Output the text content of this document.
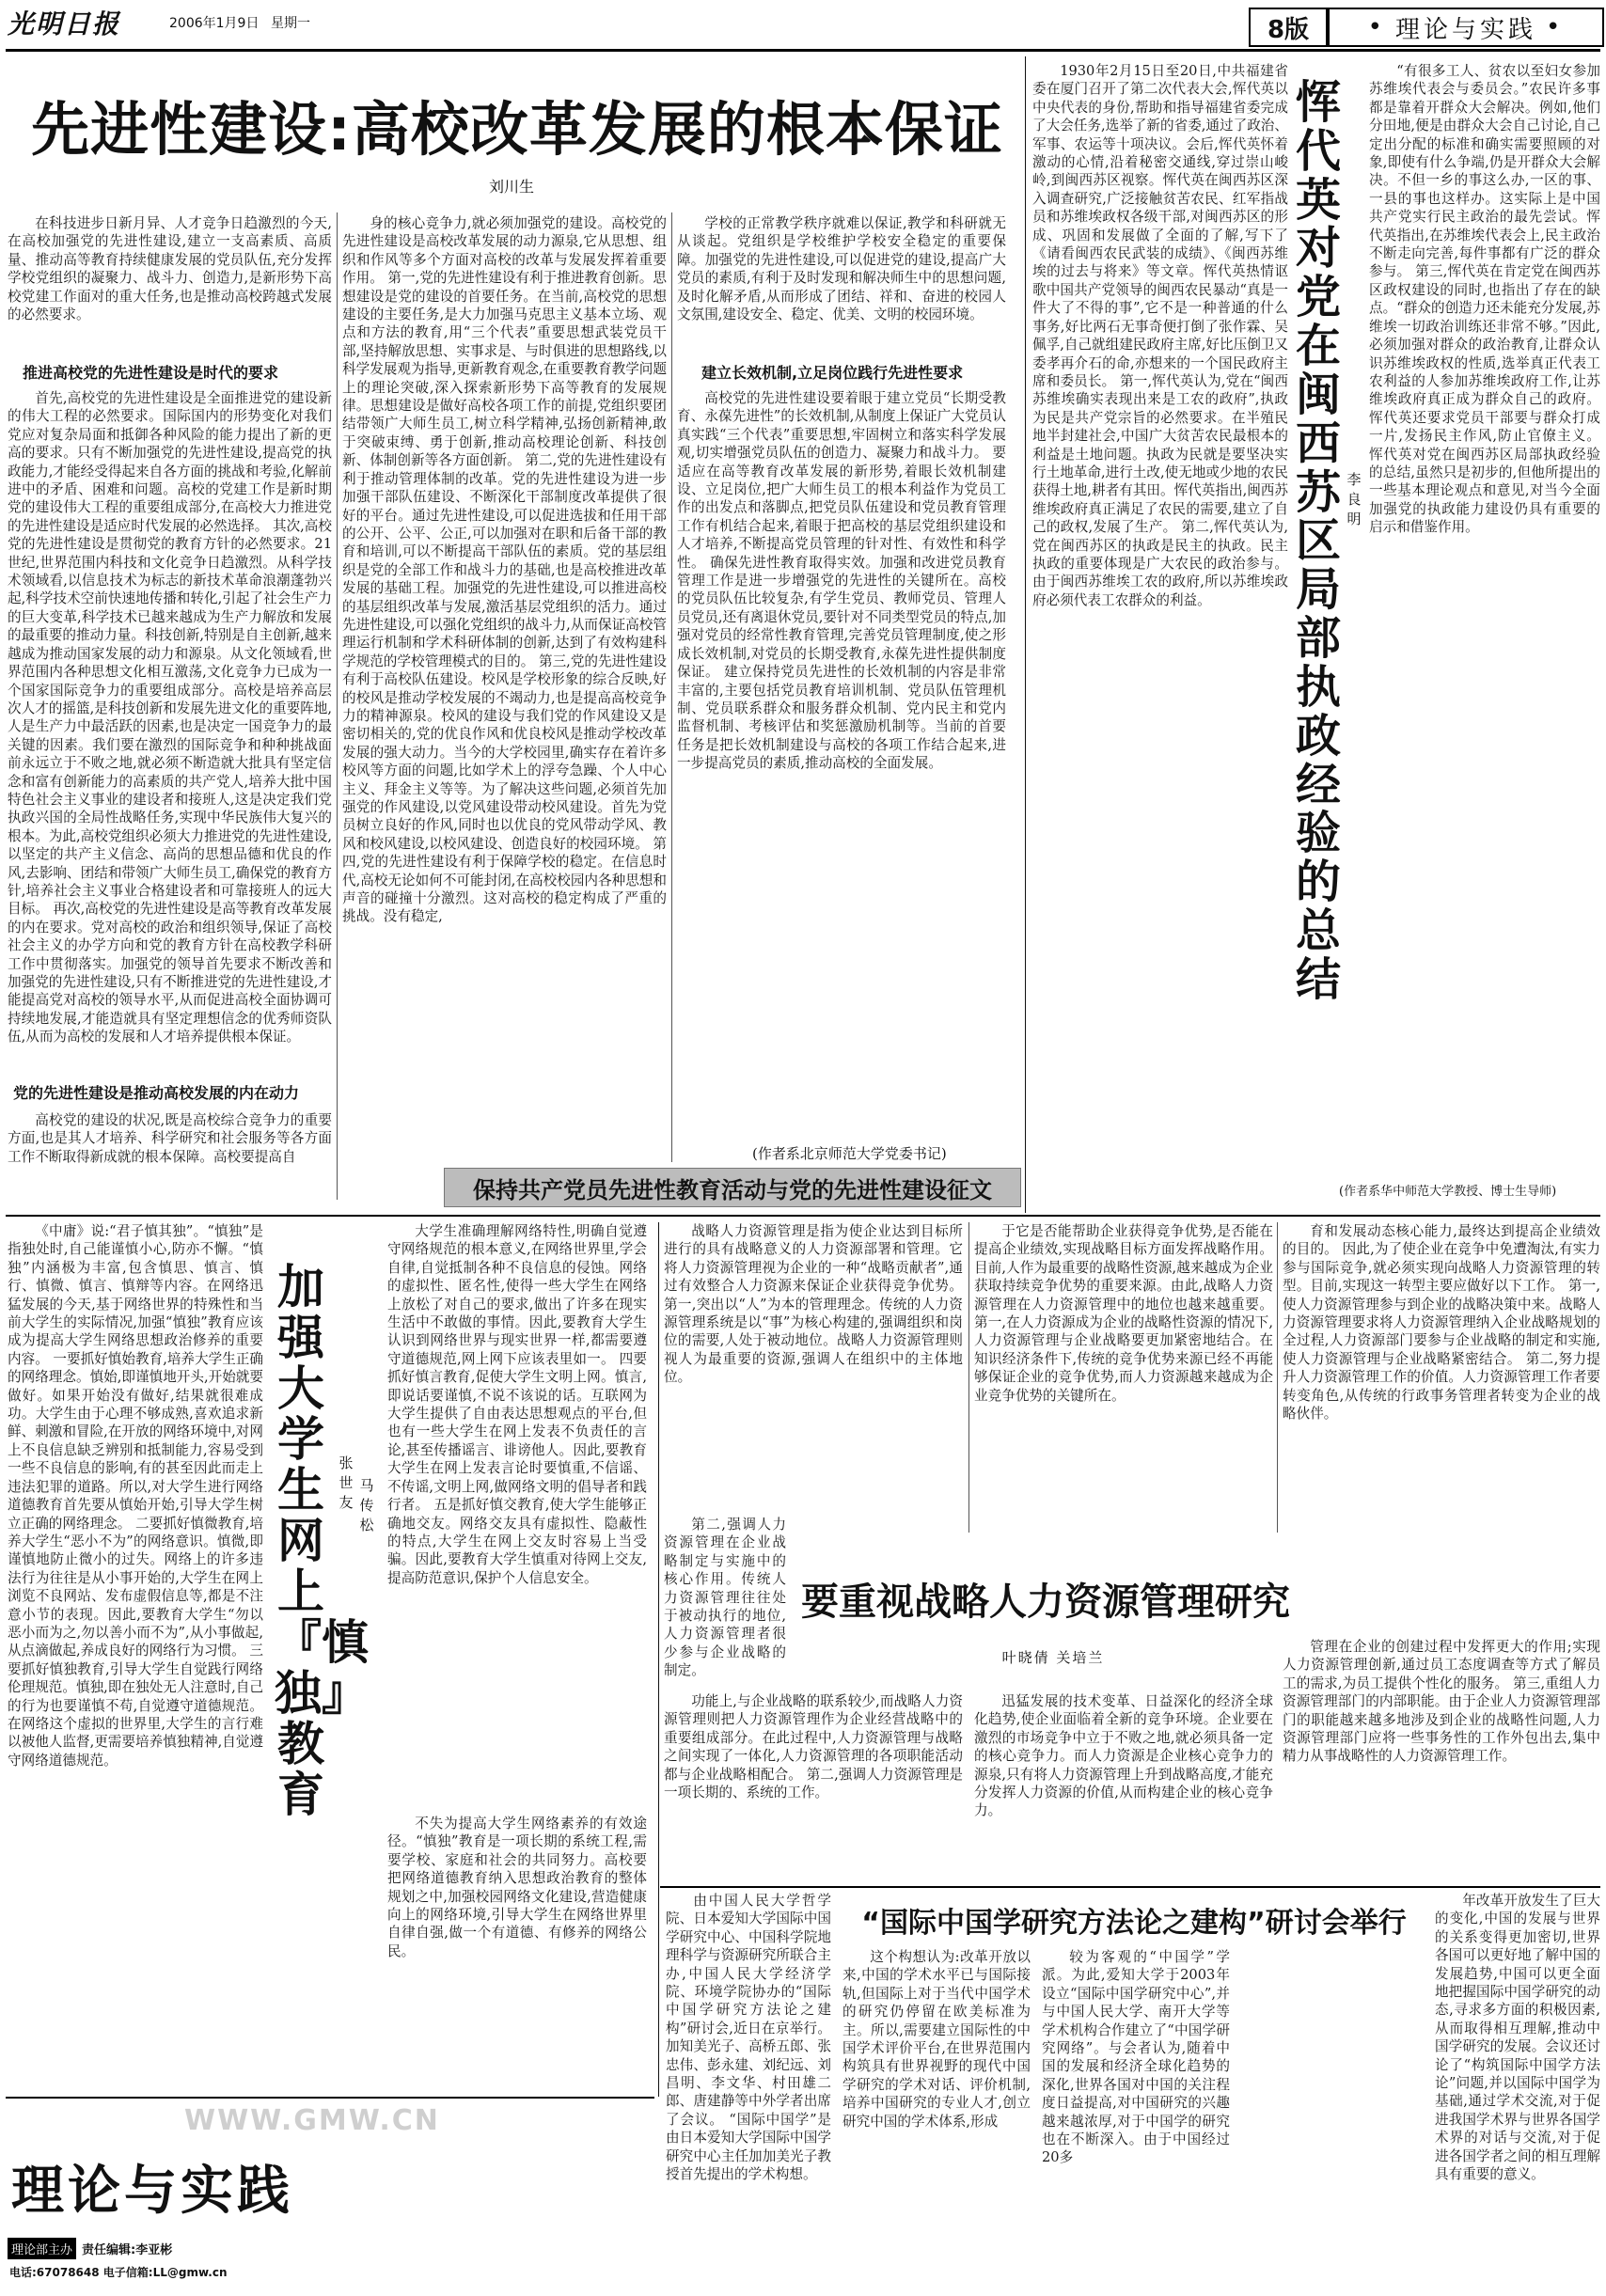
光明日报	2006年1月9日 星期一	8版 • 理论与实践 •
先进性建设:高校改革发展的根本保证
刘川生

在科技进步日新月异、人才竞争日趋激烈的今天,在高校加强党的先进性建设,建立一支高素质、高质量、推动高等教育持续健康发展的党员队伍,充分发挥学校党组织的凝聚力、战斗力、创造力,是新形势下高校党建工作面对的重大任务,也是推动高校跨越式发展的必然要求。

推进高校党的先进性建设是时代的要求

首先,高校党的先进性建设是全面推进党的建设新的伟大工程的必然要求。国际国内的形势变化对我们党应对复杂局面和抵御各种风险的能力提出了新的更高的要求。只有不断加强党的先进性建设,提高党的执政能力,才能经受得起来自各方面的挑战和考验,化解前进中的矛盾、困难和问题。高校的党建工作是新时期党的建设伟大工程的重要组成部分,在高校大力推进党的先进性建设是适应时代发展的必然选择。 其次,高校党的先进性建设是贯彻党的教育方针的必然要求。21世纪,世界范围内科技和文化竞争日趋激烈。从科学技术领域看,以信息技术为标志的新技术革命浪潮蓬勃兴起,科学技术空前快速地传播和转化,引起了社会生产力的巨大变革,科学技术已越来越成为生产力解放和发展的最重要的推动力量。科技创新,特别是自主创新,越来越成为推动国家发展的动力和源泉。从文化领域看,世界范围内各种思想文化相互激荡,文化竞争力已成为一个国家国际竞争力的重要组成部分。高校是培养高层次人才的摇篮,是科技创新和发展先进文化的重要阵地,人是生产力中最活跃的因素,也是决定一国竞争力的最关键的因素。我们要在激烈的国际竞争和种种挑战面前永远立于不败之地,就必须不断造就大批具有坚定信念和富有创新能力的高素质的共产党人,培养大批中国特色社会主义事业的建设者和接班人,这是决定我们党执政兴国的全局性战略任务,实现中华民族伟大复兴的根本。为此,高校党组织必须大力推进党的先进性建设,以坚定的共产主义信念、高尚的思想品德和优良的作风,去影响、团结和带领广大师生员工,确保党的教育方针,培养社会主义事业合格建设者和可靠接班人的远大目标。 再次,高校党的先进性建设是高等教育改革发展的内在要求。党对高校的政治和组织领导,保证了高校社会主义的办学方向和党的教育方针在高校教学科研工作中贯彻落实。加强党的领导首先要求不断改善和加强党的先进性建设,只有不断推进党的先进性建设,才能提高党对高校的领导水平,从而促进高校全面协调可持续地发展,才能造就具有坚定理想信念的优秀师资队伍,从而为高校的发展和人才培养提供根本保证。

党的先进性建设是推动高校发展的内在动力

高校党的建设的状况,既是高校综合竞争力的重要方面,也是其人才培养、科学研究和社会服务等各方面工作不断取得新成就的根本保障。高校要提高自

身的核心竞争力,就必须加强党的建设。高校党的先进性建设是高校改革发展的动力源泉,它从思想、组织和作风等多个方面对高校的改革与发展发挥着重要作用。 第一,党的先进性建设有利于推进教育创新。思想建设是党的建设的首要任务。在当前,高校党的思想建设的主要任务,是大力加强马克思主义基本立场、观点和方法的教育,用“三个代表”重要思想武装党员干部,坚持解放思想、实事求是、与时俱进的思想路线,以科学发展观为指导,更新教育观念,在重要教育教学问题上的理论突破,深入探索新形势下高等教育的发展规律。思想建设是做好高校各项工作的前提,党组织要团结带领广大师生员工,树立科学精神,弘扬创新精神,敢于突破束缚、勇于创新,推动高校理论创新、科技创新、体制创新等各方面创新。 第二,党的先进性建设有利于推动管理体制的改革。党的先进性建设为进一步加强干部队伍建设、不断深化干部制度改革提供了很好的平台。通过先进性建设,可以促进选拔和任用干部的公开、公平、公正,可以加强对在职和后备干部的教育和培训,可以不断提高干部队伍的素质。党的基层组织是党的全部工作和战斗力的基础,也是高校推进改革发展的基础工程。加强党的先进性建设,可以推进高校的基层组织改革与发展,激活基层党组织的活力。通过先进性建设,可以强化党组织的战斗力,从而保证高校管理运行机制和学术科研体制的创新,达到了有效构建科学规范的学校管理模式的目的。 第三,党的先进性建设有利于高校队伍建设。校风是学校形象的综合反映,好的校风是推动学校发展的不竭动力,也是提高高校竞争力的精神源泉。校风的建设与我们党的作风建设又是密切相关的,党的优良作风和优良校风是推动学校改革发展的强大动力。当今的大学校园里,确实存在着许多校风等方面的问题,比如学术上的浮夸急躁、个人中心主义、拜金主义等等。为了解决这些问题,必须首先加强党的作风建设,以党风建设带动校风建设。首先为党员树立良好的作风,同时也以优良的党风带动学风、教风和校风建设,以校风建设、创造良好的校园环境。 第四,党的先进性建设有利于保障学校的稳定。在信息时代,高校无论如何不可能封闭,在高校校园内各种思想和声音的碰撞十分激烈。这对高校的稳定构成了严重的挑战。没有稳定,

学校的正常教学秩序就难以保证,教学和科研就无从谈起。党组织是学校维护学校安全稳定的重要保障。加强党的先进性建设,可以促进党的建设,提高广大党员的素质,有利于及时发现和解决师生中的思想问题,及时化解矛盾,从而形成了团结、祥和、奋进的校园人文氛围,建设安全、稳定、优美、文明的校园环境。

建立长效机制,立足岗位践行先进性要求

高校党的先进性建设要着眼于建立党员“长期受教育、永葆先进性”的长效机制,从制度上保证广大党员认真实践“三个代表”重要思想,牢固树立和落实科学发展观,切实增强党员队伍的创造力、凝聚力和战斗力。 要适应在高等教育改革发展的新形势,着眼长效机制建设、立足岗位,把广大师生员工的根本利益作为党员工作的出发点和落脚点,把党员队伍建设和党员教育管理工作有机结合起来,着眼于把高校的基层党组织建设和人才培养,不断提高党员管理的针对性、有效性和科学性。 确保先进性教育取得实效。加强和改进党员教育管理工作是进一步增强党的先进性的关键所在。高校的党员队伍比较复杂,有学生党员、教师党员、管理人员党员,还有离退休党员,要针对不同类型党员的特点,加强对党员的经常性教育管理,完善党员管理制度,使之形成长效机制,对党员的长期受教育,永葆先进性提供制度保证。 建立保持党员先进性的长效机制的内容是非常丰富的,主要包括党员教育培训机制、党员队伍管理机制、党员联系群众和服务群众机制、党内民主和党内监督机制、考核评估和奖惩激励机制等。当前的首要任务是把长效机制建设与高校的各项工作结合起来,进一步提高党员的素质,推动高校的全面发展。

(作者系北京师范大学党委书记)
保持共产党员先进性教育活动与党的先进性建设征文

1930年2月15日至20日,中共福建省委在厦门召开了第二次代表大会,恽代英以中央代表的身份,帮助和指导福建省委完成了大会任务,选举了新的省委,通过了政治、军事、农运等十项决议。会后,恽代英怀着激动的心情,沿着秘密交通线,穿过崇山峻岭,到闽西苏区视察。恽代英在闽西苏区深入调查研究,广泛接触贫苦农民、红军指战员和苏维埃政权各级干部,对闽西苏区的形成、巩固和发展做了全面的了解,写下了《请看闽西农民武装的成绩》、《闽西苏维埃的过去与将来》等文章。恽代英热情讴歌中国共产党领导的闽西农民暴动“真是一件大了不得的事”,它不是一种普通的什么事务,好比两石无事奇便打倒了张作霖、吴佩孚,自己就组建民政府主席,好比压倒卫又委孝再介石的命,亦想来的一个国民政府主席和委员长。 第一,恽代英认为,党在“闽西苏维埃确实表现出来是工农的政府”,执政为民是共产党宗旨的必然要求。在半殖民地半封建社会,中国广大贫苦农民最根本的利益是土地问题。执政为民就是要坚决实行土地革命,进行土改,使无地或少地的农民获得土地,耕者有其田。恽代英指出,闽西苏维埃政府真正满足了农民的需要,建立了自己的政权,发展了生产。 第二,恽代英认为,党在闽西苏区的执政是民主的执政。民主执政的重要体现是广大农民的政治参与。由于闽西苏维埃工农的政府,所以苏维埃政府必须代表工农群众的利益。

恽代英对党在闽西苏区局部执政经验的总结
李良明

“有很多工人、贫农以至妇女参加苏维埃代表会与委员会。”农民许多事都是靠着开群众大会解决。例如,他们分田地,便是由群众大会自己讨论,自己定出分配的标准和确实需要照顾的对象,即使有什么争端,仍是开群众大会解决。不但一乡的事这么办,一区的事、一县的事也这样办。这实际上是中国共产党实行民主政治的最先尝试。恽代英指出,在苏维埃代表会上,民主政治不断走向完善,每件事都有广泛的群众参与。 第三,恽代英在肯定党在闽西苏区政权建设的同时,也指出了存在的缺点。“群众的创造力还未能充分发展,苏维埃一切政治训练还非常不够。”因此,必须加强对群众的政治教育,让群众认识苏维埃政权的性质,选举真正代表工农利益的人参加苏维埃政府工作,让苏维埃政府真正成为群众自己的政府。恽代英还要求党员干部要与群众打成一片,发扬民主作风,防止官僚主义。 恽代英对党在闽西苏区局部执政经验的总结,虽然只是初步的,但他所提出的一些基本理论观点和意见,对当今全面加强党的执政能力建设仍具有重要的启示和借鉴作用。

(作者系华中师范大学教授、博士生导师)

《中庸》说:“君子慎其独”。“慎独”是指独处时,自己能谨慎小心,防亦不懈。“慎独”内涵极为丰富,包含慎思、慎言、慎行、慎微、慎言、慎辩等内容。在网络迅猛发展的今天,基于网络世界的特殊性和当前大学生的实际情况,加强“慎独”教育应该成为提高大学生网络思想政治修养的重要内容。 一要抓好慎始教育,培养大学生正确的网络理念。慎始,即谨慎地开头,开始就要做好。如果开始没有做好,结果就很难成功。大学生由于心理不够成熟,喜欢追求新鲜、刺激和冒险,在开放的网络环境中,对网上不良信息缺乏辨别和抵制能力,容易受到一些不良信息的影响,有的甚至因此而走上违法犯罪的道路。所以,对大学生进行网络道德教育首先要从慎始开始,引导大学生树立正确的网络理念。 二要抓好慎微教育,培养大学生“恶小不为”的网络意识。慎微,即谨慎地防止微小的过失。网络上的许多违法行为往往是从小事开始的,大学生在网上浏览不良网站、发布虚假信息等,都是不注意小节的表现。因此,要教育大学生“勿以恶小而为之,勿以善小而不为”,从小事做起,从点滴做起,养成良好的网络行为习惯。 三要抓好慎独教育,引导大学生自觉践行网络伦理规范。慎独,即在独处无人注意时,自己的行为也要谨慎不苟,自觉遵守道德规范。在网络这个虚拟的世界里,大学生的言行难以被他人监督,更需要培养慎独精神,自觉遵守网络道德规范。

加强大学生网上『慎独』教育
张世友
马传松

大学生准确理解网络特性,明确自觉遵守网络规范的根本意义,在网络世界里,学会自律,自觉抵制各种不良信息的侵蚀。网络的虚拟性、匿名性,使得一些大学生在网络上放松了对自己的要求,做出了许多在现实生活中不敢做的事情。因此,要教育大学生认识到网络世界与现实世界一样,都需要遵守道德规范,网上网下应该表里如一。 四要抓好慎言教育,促使大学生文明上网。慎言,即说话要谨慎,不说不该说的话。互联网为大学生提供了自由表达思想观点的平台,但也有一些大学生在网上发表不负责任的言论,甚至传播谣言、诽谤他人。因此,要教育大学生在网上发表言论时要慎重,不信谣、不传谣,文明上网,做网络文明的倡导者和践行者。 五是抓好慎交教育,使大学生能够正确地交友。网络交友具有虚拟性、隐蔽性的特点,大学生在网上交友时容易上当受骗。因此,要教育大学生慎重对待网上交友,提高防范意识,保护个人信息安全。

不失为提高大学生网络素养的有效途径。“慎独”教育是一项长期的系统工程,需要学校、家庭和社会的共同努力。高校要把网络道德教育纳入思想政治教育的整体规划之中,加强校园网络文化建设,营造健康向上的网络环境,引导大学生在网络世界里自律自强,做一个有道德、有修养的网络公民。

战略人力资源管理是指为使企业达到目标所进行的具有战略意义的人力资源部署和管理。它将人力资源管理视为企业的一种“战略贡献者”,通过有效整合人力资源来保证企业获得竞争优势。 第一,突出以“人”为本的管理理念。传统的人力资源管理系统是以“事”为核心构建的,强调组织和岗位的需要,人处于被动地位。战略人力资源管理则视人为最重要的资源,强调人在组织中的主体地位。

于它是否能帮助企业获得竞争优势,是否能在提高企业绩效,实现战略目标方面发挥战略作用。 目前,人作为最重要的战略性资源,越来越成为企业获取持续竞争优势的重要来源。由此,战略人力资源管理在人力资源管理中的地位也越来越重要。 第一,在人力资源成为企业的战略性资源的情况下,人力资源管理与企业战略要更加紧密地结合。在知识经济条件下,传统的竞争优势来源已经不再能够保证企业的竞争优势,而人力资源越来越成为企业竞争优势的关键所在。

育和发展动态核心能力,最终达到提高企业绩效的目的。 因此,为了使企业在竞争中免遭淘汰,有实力参与国际竞争,就必须实现向战略人力资源管理的转型。目前,实现这一转型主要应做好以下工作。 第一,使人力资源管理参与到企业的战略决策中来。战略人力资源管理要求将人力资源管理纳入企业战略规划的全过程,人力资源部门要参与企业战略的制定和实施,使人力资源管理与企业战略紧密结合。 第二,努力提升人力资源管理工作的价值。人力资源管理工作者要转变角色,从传统的行政事务管理者转变为企业的战略伙伴。

第二,强调人力资源管理在企业战略制定与实施中的核心作用。传统人力资源管理往往处于被动执行的地位,人力资源管理者很少参与企业战略的制定。

要重视战略人力资源管理研究
叶晓倩 关培兰

功能上,与企业战略的联系较少,而战略人力资源管理则把人力资源管理作为企业经营战略中的重要组成部分。在此过程中,人力资源管理与战略之间实现了一体化,人力资源管理的各项职能活动都与企业战略相配合。 第二,强调人力资源管理是一项长期的、系统的工作。

迅猛发展的技术变革、日益深化的经济全球化趋势,使企业面临着全新的竞争环境。企业要在激烈的市场竞争中立于不败之地,就必须具备一定的核心竞争力。而人力资源是企业核心竞争力的源泉,只有将人力资源管理上升到战略高度,才能充分发挥人力资源的价值,从而构建企业的核心竞争力。

管理在企业的创建过程中发挥更大的作用;实现人力资源管理创新,通过员工态度调查等方式了解员工的需求,为员工提供个性化的服务。 第三,重组人力资源管理部门的内部职能。由于企业人力资源管理部门的职能越来越多地涉及到企业的战略性问题,人力资源管理部门应将一些事务性的工作外包出去,集中精力从事战略性的人力资源管理工作。

由中国人民大学哲学院、日本爱知大学国际中国学研究中心、中国科学院地理科学与资源研究所联合主办,中国人民大学经济学院、环境学院协办的“国际中国学研究方法论之建构”研讨会,近日在京举行。加知美光子、高桥五郎、张忠伟、彭永建、刘纪远、刘昌明、李文华、村田雄二郎、唐建静等中外学者出席了会议。 “国际中国学”是由日本爱知大学国际中国学研究中心主任加加美光子教授首先提出的学术构想。

“国际中国学研究方法论之建构”研讨会举行

这个构想认为:改革开放以来,中国的学术水平已与国际接轨,但国际上对于当代中国学术的研究仍停留在欧美标准为主。所以,需要建立国际性的中国学术评价平台,在世界范围内构筑具有世界视野的现代中国学研究的学术对话、评价机制,培养中国研究的专业人才,创立研究中国的学术体系,形成

较为客观的“中国学”学派。为此,爱知大学于2003年设立“国际中国学研究中心”,并与中国人民大学、南开大学等学术机构合作建立了“中国学研究网络”。与会者认为,随着中国的发展和经济全球化趋势的深化,世界各国对中国的关注程度日益提高,对中国研究的兴趣越来越浓厚,对于中国学的研究也在不断深入。由于中国经过20多

年改革开放发生了巨大的变化,中国的发展与世界的关系变得更加密切,世界各国可以更好地了解中国的发展趋势,中国可以更全面地把握国际中国学研究的动态,寻求多方面的积极因素,从而取得相互理解,推动中国学研究的发展。会议还讨论了“构筑国际中国学方法论”问题,并以国际中国学为基础,通过学术交流,对于促进我国学术界与世界各国学术界的对话与交流,对于促进各国学者之间的相互理解具有重要的意义。

WWW.GMW.CN
理论与实践
理论部主办 责任编辑:李亚彬
电话:67078648 电子信箱:LL@gmw.cn
